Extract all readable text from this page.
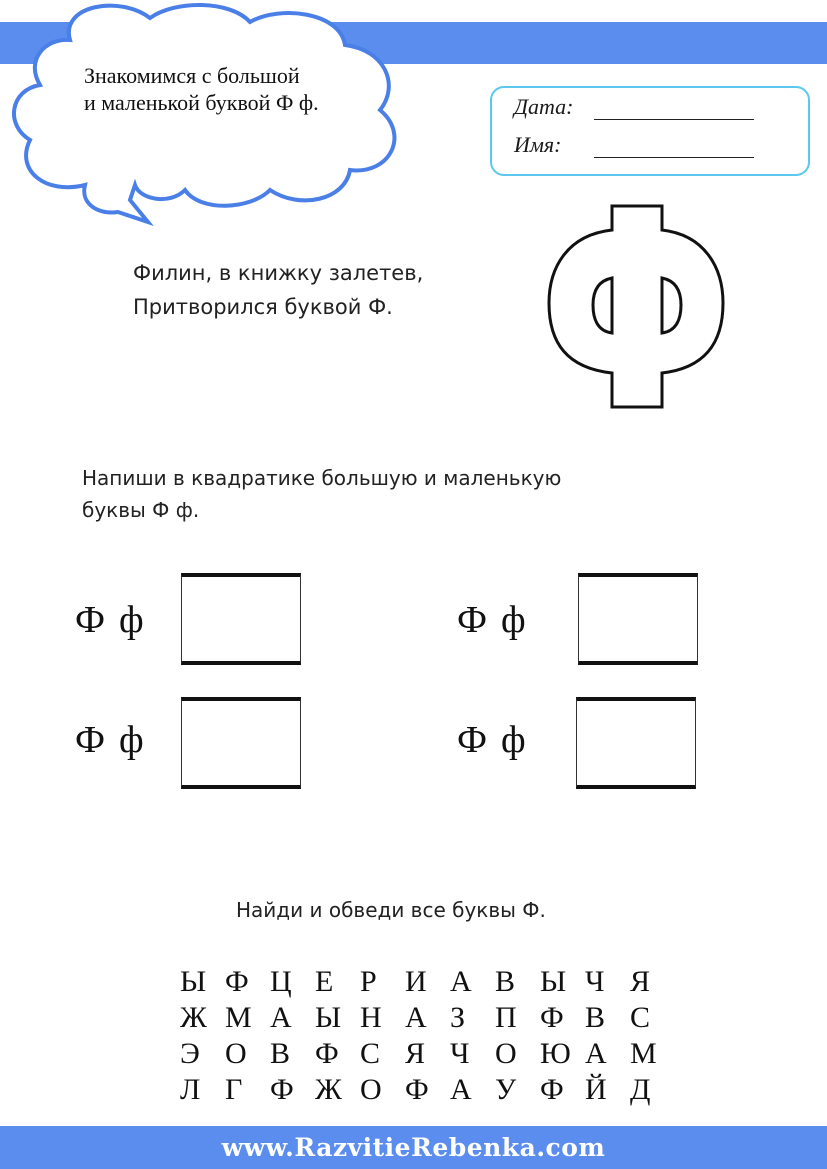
Знакомимся с большой
и маленькой буквой Ф ф.	Дата:
Имя:
Филин, в книжку залетев,
Притворился буквой Ф.
Напиши в квадратике большую и маленькую
буквы Ф ф.
Ф ф	Ф ф
Ф ф	Ф ф
Найди и обведи все буквы Ф.
Ы Ф Ц Е Р И А В Ы Ч Я
Ж М А Ы Н А З П Ф В С
Э О В Ф С Я Ч О Ю А М
Л Г Ф Ж О Ф А У Ф Й Д
www.RazvitieRebenka.com
